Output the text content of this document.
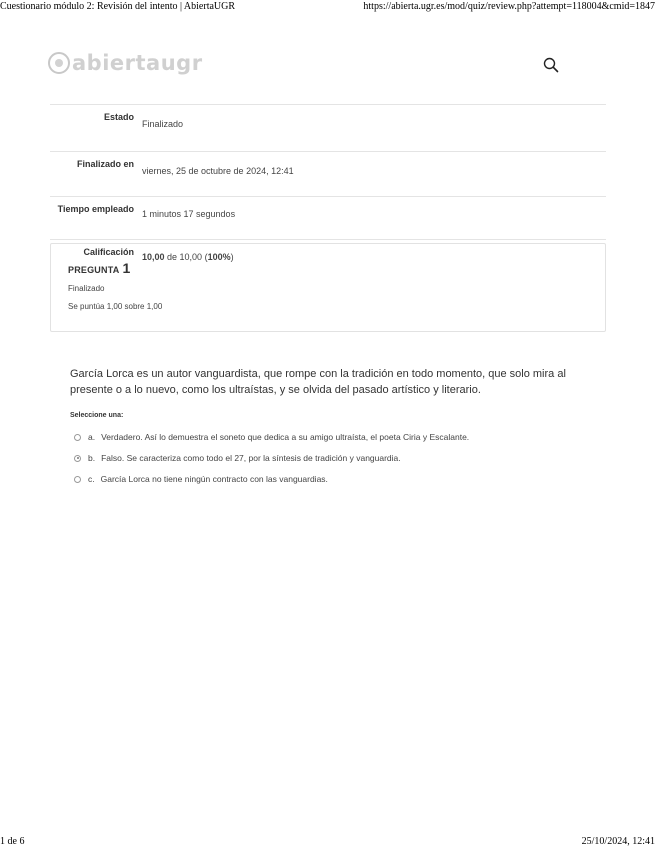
Cuestionario módulo 2: Revisión del intento | AbiertaUGR	https://abierta.ugr.es/mod/quiz/review.php?attempt=118004&cmid=1847
abiertaugr
Estado	Finalizado
Finalizado en	viernes, 25 de octubre de 2024, 12:41
Tiempo empleado	1 minutos 17 segundos
Calificación	10,00 de 10,00 (100%)
PREGUNTA 1
Finalizado
Se puntúa 1,00 sobre 1,00
García Lorca es un autor vanguardista, que rompe con la tradición en todo momento, que solo mira al presente o a lo nuevo, como los ultraístas, y se olvida del pasado artístico y literario.
Seleccione una:
a. Verdadero. Así lo demuestra el soneto que dedica a su amigo ultraísta, el poeta Ciria y Escalante.
b. Falso. Se caracteriza como todo el 27, por la síntesis de tradición y vanguardia.
c. García Lorca no tiene ningún contracto con las vanguardias.
1 de 6	25/10/2024, 12:41
